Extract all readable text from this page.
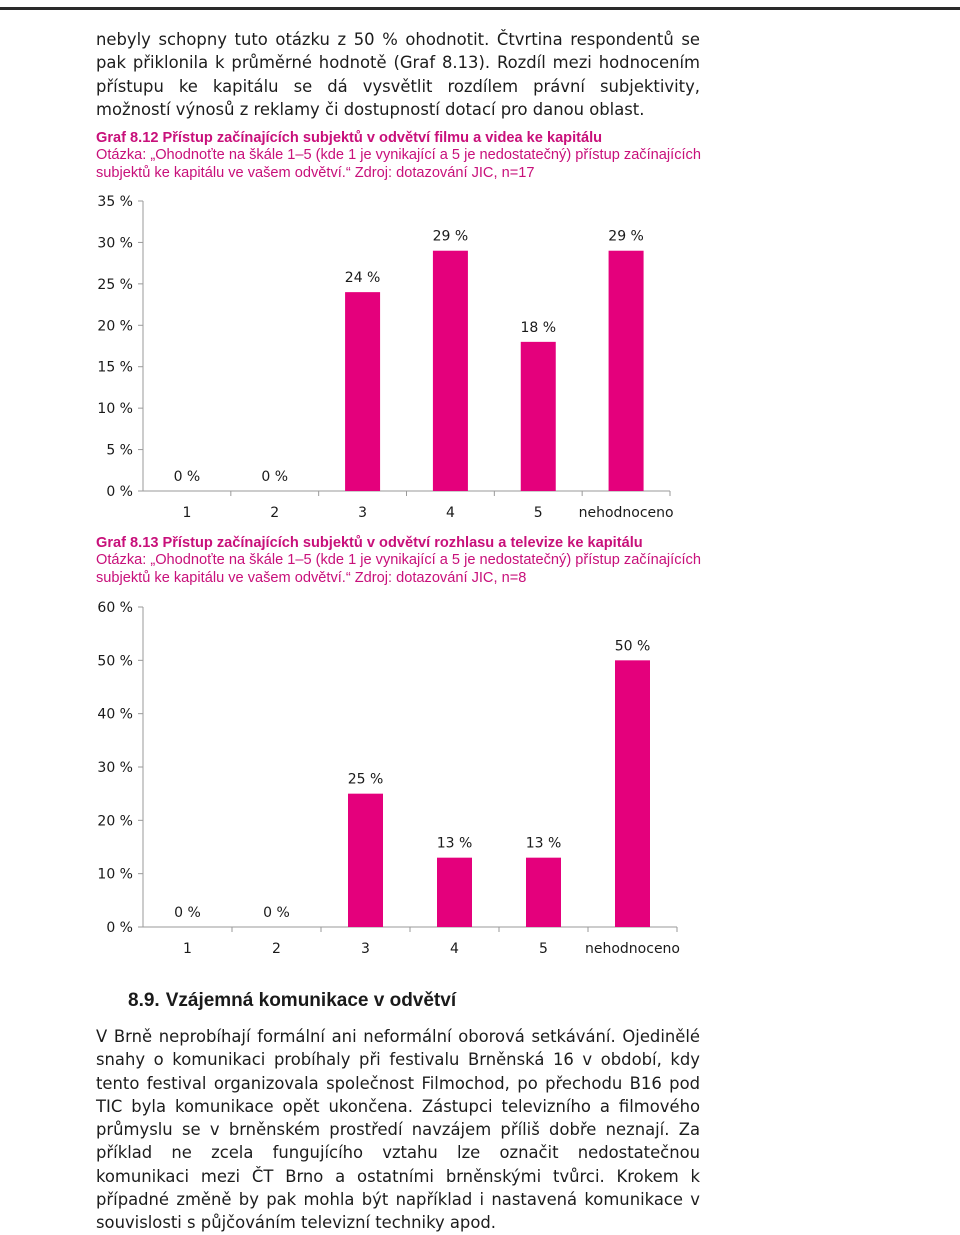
nebyly schopny tuto otázku z 50 % ohodnotit. Čtvrtina respondentů se pak přiklonila k průměrné hodnotě (Graf 8.13). Rozdíl mezi hodnocením přístupu ke kapitálu se dá vysvětlit rozdílem právní subjektivity, možností výnosů z reklamy či dostupností dotací pro danou oblast.

Graf 8.12 Přístup začínajících subjektů v odvětví filmu a videa ke kapitálu
Otázka: „Ohodnoťte na škále 1–5 (kde 1 je vynikající a 5 je nedostatečný) přístup začínajících subjektů ke kapitálu ve vašem odvětví.“ Zdroj: dotazování JIC, n=17
0 %
5 %
10 %
15 %
20 %
25 %
30 %
35 %
0 %
1
0 %
2
24 %
3
29 %
4
18 %
5
29 %
nehodnoceno
Graf 8.13 Přístup začínajících subjektů v odvětví rozhlasu a televize ke kapitálu
Otázka: „Ohodnoťte na škále 1–5 (kde 1 je vynikající a 5 je nedostatečný) přístup začínajících subjektů ke kapitálu ve vašem odvětví.“ Zdroj: dotazování JIC, n=8
0 %
10 %
20 %
30 %
40 %
50 %
60 %
0 %
1
0 %
2
25 %
3
13 %
4
13 %
5
50 %
nehodnoceno
8.9. Vzájemná komunikace v odvětví

V Brně neprobíhají formální ani neformální oborová setkávání. Ojedinělé snahy o komunikaci probíhaly při festivalu Brněnská 16 v období, kdy tento festival organizovala společnost Filmochod, po přechodu B16 pod TIC byla komunikace opět ukončena. Zástupci televizního a filmového průmyslu se v brněnském prostředí navzájem příliš dobře neznají. Za příklad ne zcela fungujícího vztahu lze označit nedostatečnou komunikaci mezi ČT Brno a ostatními brněnskými tvůrci. Krokem k případné změně by pak mohla být například i nastavená komunikace v souvislosti s půjčováním televizní techniky apod.
